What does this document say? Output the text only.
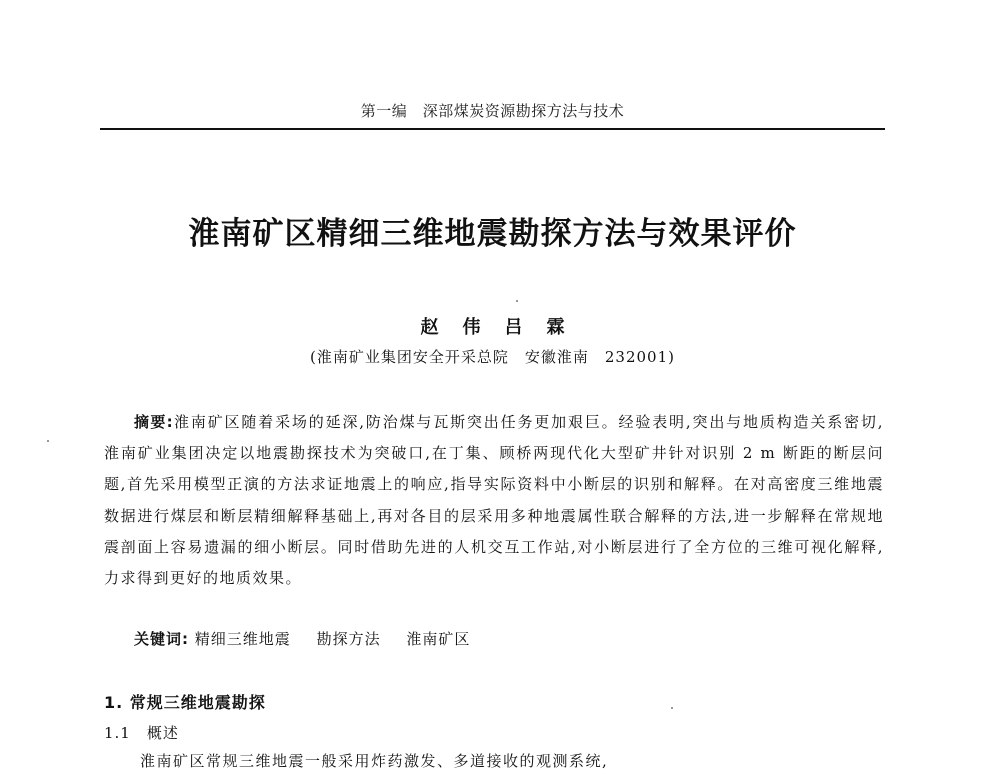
第一编　深部煤炭资源勘探方法与技术
淮南矿区精细三维地震勘探方法与效果评价
赵伟吕霖
(淮南矿业集团安全开采总院　安徽淮南　232001)

摘要:淮南矿区随着采场的延深,防治煤与瓦斯突出任务更加艰巨。经验表明,突出与地质构造关系密切,淮南矿业集团决定以地震勘探技术为突破口,在丁集、顾桥两现代化大型矿井针对识别 2 m 断距的断层问题,首先采用模型正演的方法求证地震上的响应,指导实际资料中小断层的识别和解释。在对高密度三维地震数据进行煤层和断层精细解释基础上,再对各目的层采用多种地震属性联合解释的方法,进一步解释在常规地震剖面上容易遗漏的细小断层。同时借助先进的人机交互工作站,对小断层进行了全方位的三维可视化解释,力求得到更好的地质效果。

关键词: 精细三维地震 勘探方法 淮南矿区
1. 常规三维地震勘探
1.1 概述
淮南矿区常规三维地震一般采用炸药激发、多道接收的观测系统,
